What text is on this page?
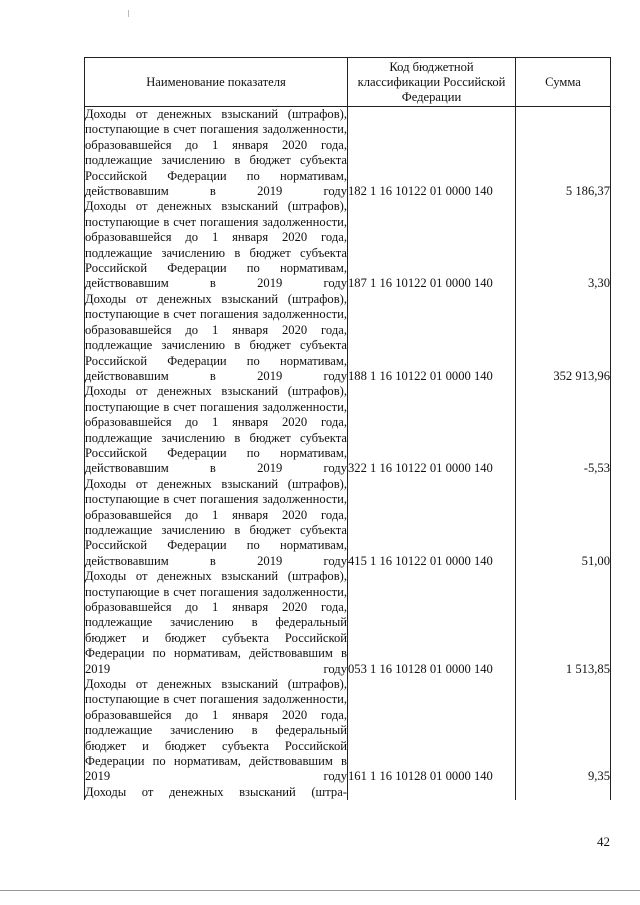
Наименование показателя	Код бюджетной классификации Российской Федерации	Сумма
Доходы от денежных взысканий (штрафов), поступающие в счет погашения задолженности, образовавшейся до 1 января 2020 года, подлежащие зачислению в бюджет субъекта Российской Федерации по нормативам, действовавшим в 2019 году	182 1 16 10122 01 0000 140	5 186,37
Доходы от денежных взысканий (штрафов), поступающие в счет погашения задолженности, образовавшейся до 1 января 2020 года, подлежащие зачислению в бюджет субъекта Российской Федерации по нормативам, действовавшим в 2019 году	187 1 16 10122 01 0000 140	3,30
Доходы от денежных взысканий (штрафов), поступающие в счет погашения задолженности, образовавшейся до 1 января 2020 года, подлежащие зачислению в бюджет субъекта Российской Федерации по нормативам, действовавшим в 2019 году	188 1 16 10122 01 0000 140	352 913,96
Доходы от денежных взысканий (штрафов), поступающие в счет погашения задолженности, образовавшейся до 1 января 2020 года, подлежащие зачислению в бюджет субъекта Российской Федерации по нормативам, действовавшим в 2019 году	322 1 16 10122 01 0000 140	-5,53
Доходы от денежных взысканий (штрафов), поступающие в счет погашения задолженности, образовавшейся до 1 января 2020 года, подлежащие зачислению в бюджет субъекта Российской Федерации по нормативам, действовавшим в 2019 году	415 1 16 10122 01 0000 140	51,00
Доходы от денежных взысканий (штрафов), поступающие в счет погашения задолженности, образовавшейся до 1 января 2020 года, подлежащие зачислению в федеральный бюджет и бюджет субъекта Российской Федерации по нормативам, действовавшим в 2019 году	053 1 16 10128 01 0000 140	1 513,85
Доходы от денежных взысканий (штрафов), поступающие в счет погашения задолженности, образовавшейся до 1 января 2020 года, подлежащие зачислению в федеральный бюджет и бюджет субъекта Российской Федерации по нормативам, действовавшим в 2019 году	161 1 16 10128 01 0000 140	9,35
Доходы от денежных взысканий (штра-		
42
